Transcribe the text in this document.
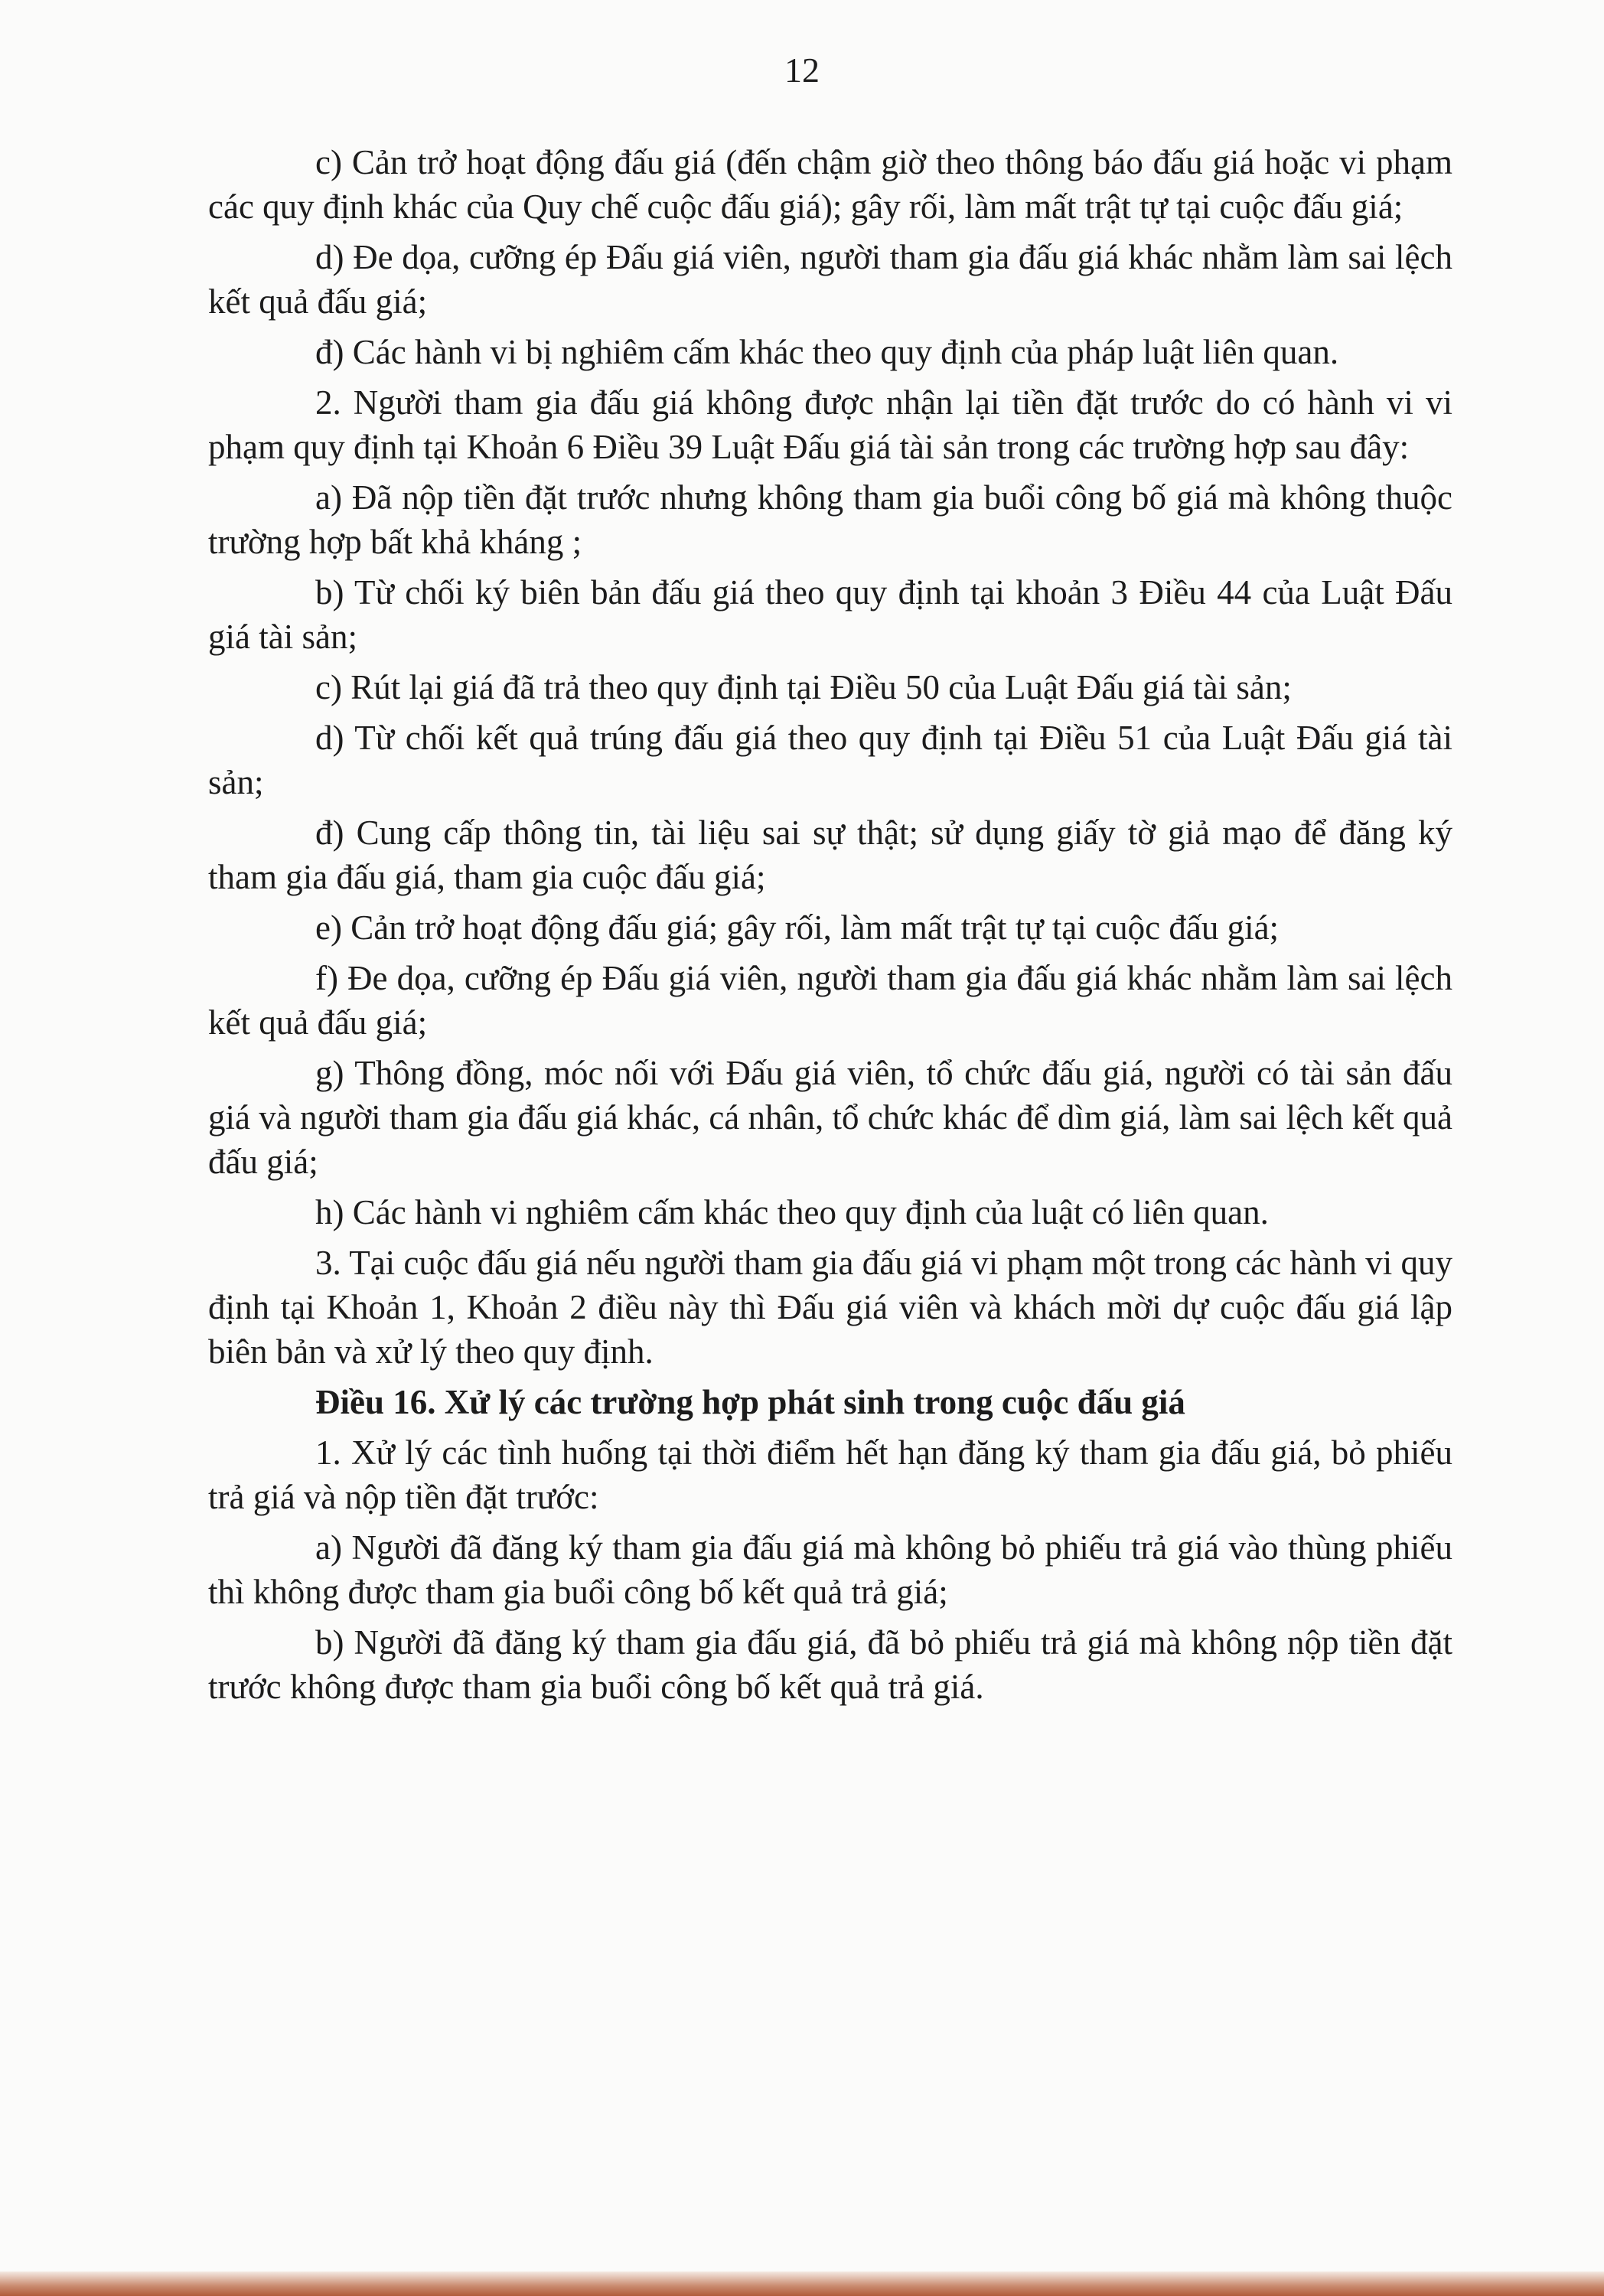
12

c) Cản trở hoạt động đấu giá (đến chậm giờ theo thông báo đấu giá hoặc vi phạm các quy định khác của Quy chế cuộc đấu giá); gây rối, làm mất trật tự tại cuộc đấu giá;

d) Đe dọa, cưỡng ép Đấu giá viên, người tham gia đấu giá khác nhằm làm sai lệch kết quả đấu giá;

đ) Các hành vi bị nghiêm cấm khác theo quy định của pháp luật liên quan.

2. Người tham gia đấu giá không được nhận lại tiền đặt trước do có hành vi vi phạm quy định tại Khoản 6 Điều 39 Luật Đấu giá tài sản trong các trường hợp sau đây:

a) Đã nộp tiền đặt trước nhưng không tham gia buổi công bố giá mà không thuộc trường hợp bất khả kháng ;

b) Từ chối ký biên bản đấu giá theo quy định tại khoản 3 Điều 44 của Luật Đấu giá tài sản;

c) Rút lại giá đã trả theo quy định tại Điều 50 của Luật Đấu giá tài sản;

d) Từ chối kết quả trúng đấu giá theo quy định tại Điều 51 của Luật Đấu giá tài sản;

đ) Cung cấp thông tin, tài liệu sai sự thật; sử dụng giấy tờ giả mạo để đăng ký tham gia đấu giá, tham gia cuộc đấu giá;

e) Cản trở hoạt động đấu giá; gây rối, làm mất trật tự tại cuộc đấu giá;

f) Đe dọa, cưỡng ép Đấu giá viên, người tham gia đấu giá khác nhằm làm sai lệch kết quả đấu giá;

g) Thông đồng, móc nối với Đấu giá viên, tổ chức đấu giá, người có tài sản đấu giá và người tham gia đấu giá khác, cá nhân, tổ chức khác để dìm giá, làm sai lệch kết quả đấu giá;

h) Các hành vi nghiêm cấm khác theo quy định của luật có liên quan.

3. Tại cuộc đấu giá nếu người tham gia đấu giá vi phạm một trong các hành vi quy định tại Khoản 1, Khoản 2 điều này thì Đấu giá viên và khách mời dự cuộc đấu giá lập biên bản và xử lý theo quy định.

Điều 16. Xử lý các trường hợp phát sinh trong cuộc đấu giá

1. Xử lý các tình huống tại thời điểm hết hạn đăng ký tham gia đấu giá, bỏ phiếu trả giá và nộp tiền đặt trước:

a) Người đã đăng ký tham gia đấu giá mà không bỏ phiếu trả giá vào thùng phiếu thì không được tham gia buổi công bố kết quả trả giá;

b) Người đã đăng ký tham gia đấu giá, đã bỏ phiếu trả giá mà không nộp tiền đặt trước không được tham gia buổi công bố kết quả trả giá.
